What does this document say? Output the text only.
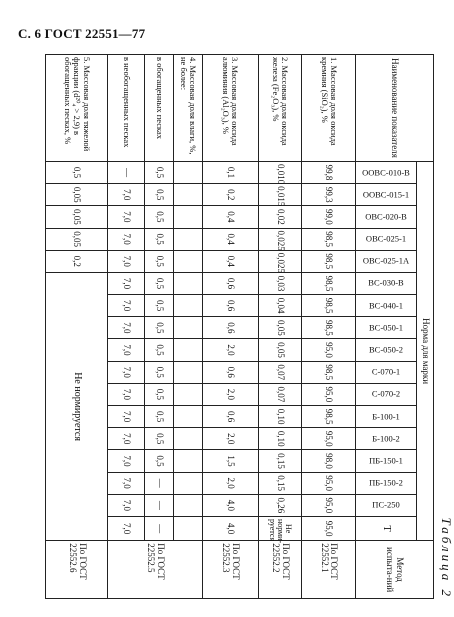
С. 6 ГОСТ 22551—77
Таблица 2
Наименование показателя	Норма для марки																	Метод испыта-ний

	ООВС-010-В	ООВС-015-1	ОВС-020-В	ОВС-025-1	ОВС-025-1А	ВС-030-В	ВС-040-1	ВС-050-1	ВС-050-2	С-070-1	С-070-2	Б-100-1	Б-100-2	ПБ-150-1	ПБ-150-2	ПС-250	Т	
1. Массовая доля оксида кремния (SiO₂), %	99,8	99,3	99,0	98,5	98,5	98,5	98,5	98,5	95,0	98,5	95,0	98,5	95,0	98,0	95,0	95,0	95,0	По ГОСТ 22552.1
2. Массовая доля оксида железа (Fe₂O₃), %	0,010	0,015	0,02	0,025	0,025	0,03	0,04	0,05	0,05	0,07	0,07	0,10	0,10	0,15	0,15	0,26	Не норми-руется	По ГОСТ 22552.2
3. Массовая доля оксида алюминия (Al₂O₃), %	0,1	0,2	0,4	0,4	0,4	0,6	0,6	0,6	2,0	0,6	2,0	0,6	2,0	1,5	2,0	4,0	4,0	По ГОСТ 22552.3
4. Массовая доля влаги, %, не более:																		По ГОСТ 22552.5
в обогащенных песках	0,5	0,5	0,5	0,5	0,5	0,5	0,5	0,5	0,5	0,5	0,5	0,5	0,5	0,5	—	—	—	
в необогащенных песках	—	7,0	7,0	7,0	7,0	7,0	7,0	7,0	7,0	7,0	7,0	7,0	7,0	7,0	7,0	7,0	7,0	
5. Массовая доля тяжелой фракции (d²⁰₄ > 2,9) в обогащенных песках, %	0,5	0,05	0,05	0,05	0,2	Не нормируется												По ГОСТ 22552.6
